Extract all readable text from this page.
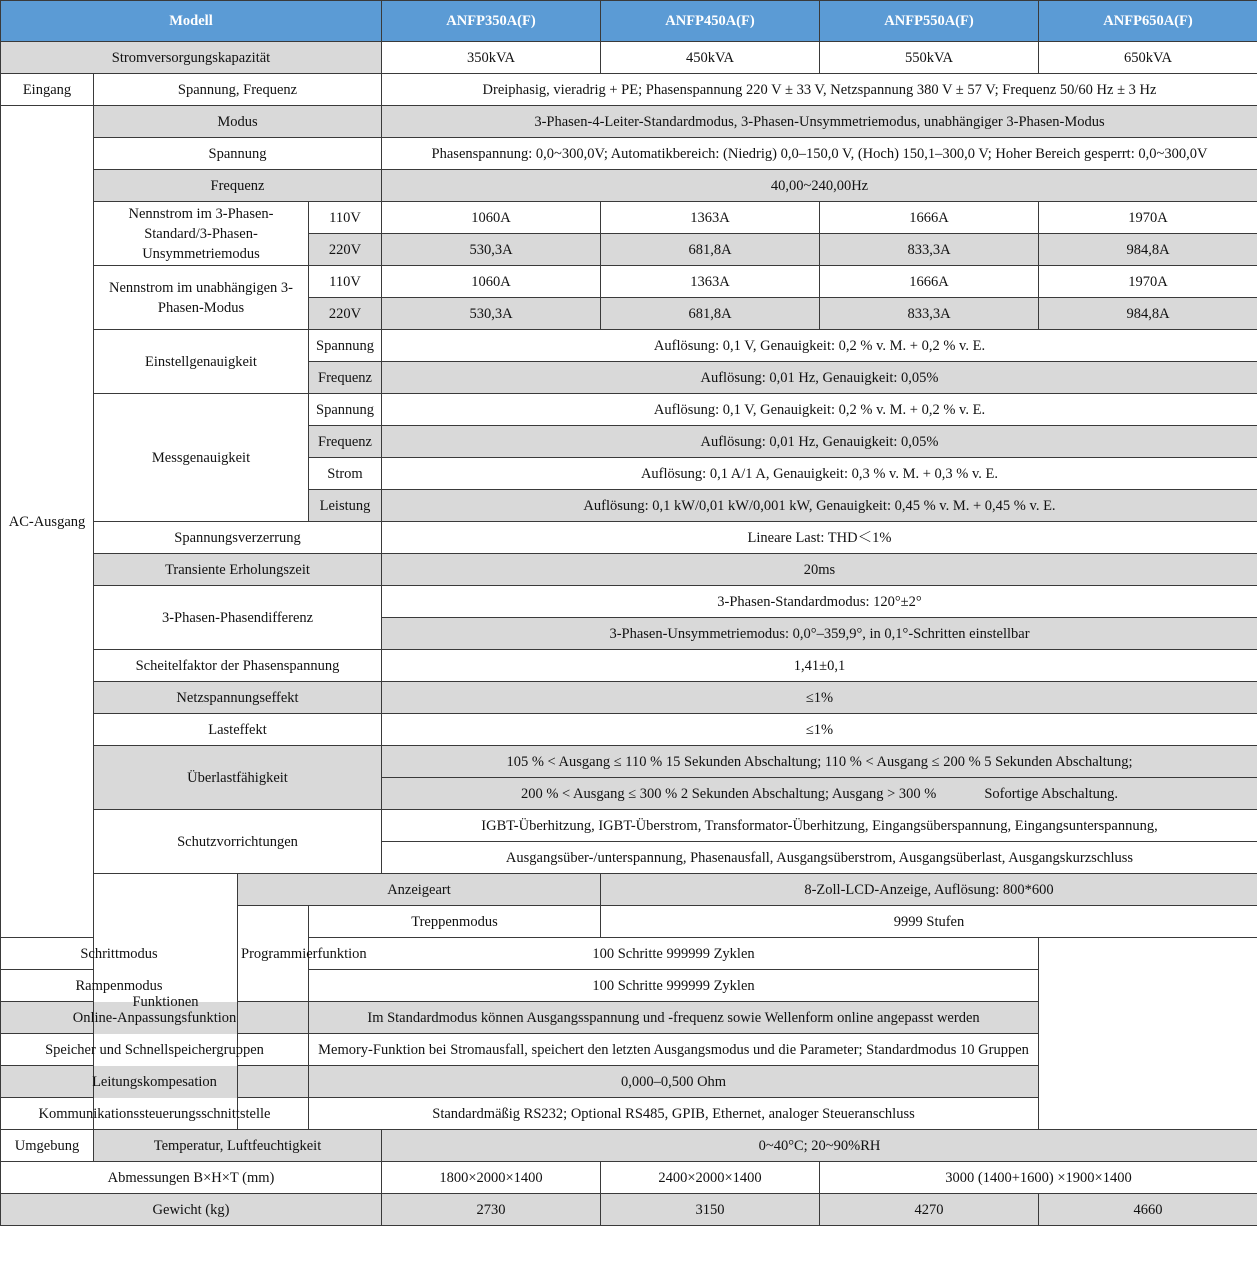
Modell				ANFP350A(F)	ANFP450A(F)	ANFP550A(F)	ANFP650A(F)
Stromversorgungskapazität				350kVA	450kVA	550kVA	650kVA
Eingang	Spannung, Frequenz			Dreiphasig, vieradrig + PE; Phasenspannung 220 V ± 33 V, Netzspannung 380 V ± 57 V; Frequenz 50/60 Hz ± 3 Hz			
AC-Ausgang	Modus			3-Phasen-4-Leiter-Standardmodus, 3-Phasen-Unsymmetriemodus, unabhängiger 3-Phasen-Modus			
	Spannung			Phasenspannung: 0,0~300,0V; Automatikbereich: (Niedrig) 0,0–150,0 V, (Hoch) 150,1–300,0 V; Hoher Bereich gesperrt: 0,0~300,0V			
	Frequenz			40,00~240,00Hz			
	Nennstrom im 3-Phasen-Standard/3-Phasen-Unsymmetriemodus		110V	1060A	1363A	1666A	1970A
			220V	530,3A	681,8A	833,3A	984,8A
	Nennstrom im unabhängigen 3-Phasen-Modus		110V	1060A	1363A	1666A	1970A
			220V	530,3A	681,8A	833,3A	984,8A
	Einstellgenauigkeit		Spannung	Auflösung: 0,1 V, Genauigkeit: 0,2 % v. M. + 0,2 % v. E.			
			Frequenz	Auflösung: 0,01 Hz, Genauigkeit: 0,05%			
	Messgenauigkeit		Spannung	Auflösung: 0,1 V, Genauigkeit: 0,2 % v. M. + 0,2 % v. E.			
			Frequenz	Auflösung: 0,01 Hz, Genauigkeit: 0,05%			
			Strom	Auflösung: 0,1 A/1 A, Genauigkeit: 0,3 % v. M. + 0,3 % v. E.			
			Leistung	Auflösung: 0,1 kW/0,01 kW/0,001 kW, Genauigkeit: 0,45 % v. M. + 0,45 % v. E.			
	Spannungsverzerrung			Lineare Last: THD＜1%			
	Transiente Erholungszeit			20ms			
	3-Phasen-Phasendifferenz			3-Phasen-Standardmodus: 120°±2°			
				3-Phasen-Unsymmetriemodus: 0,0°–359,9°, in 0,1°-Schritten einstellbar			
	Scheitelfaktor der Phasenspannung			1,41±0,1			
	Netzspannungseffekt			≤1%			
	Lasteffekt			≤1%			
	Überlastfähigkeit			105 % < Ausgang ≤ 110 % 15 Sekunden Abschaltung; 110 % < Ausgang ≤ 200 % 5 Sekunden Abschaltung;			
				200 % < Ausgang ≤ 300 % 2 Sekunden Abschaltung; Ausgang > 300 % Sofortige Abschaltung.			
	Schutzvorrichtungen			IGBT-Überhitzung, IGBT-Überstrom, Transformator-Überhitzung, Eingangsüberspannung, Eingangsunterspannung,			
				Ausgangsüber-/unterspannung, Phasenausfall, Ausgangsüberstrom, Ausgangsüberlast, Ausgangskurzschluss			
	Funktionen	Anzeigeart			8-Zoll-LCD-Anzeige, Auflösung: 800*600		
		Programmierfunktion	Treppenmodus		9999 Stufen		
Schrittmodus			100 Schritte 999999 Zyklen				
Rampenmodus			100 Schritte 999999 Zyklen				
Online-Anpassungsfunktion			Im Standardmodus können Ausgangsspannung und -frequenz sowie Wellenform online angepasst werden				
Speicher und Schnellspeichergruppen			Memory-Funktion bei Stromausfall, speichert den letzten Ausgangsmodus und die Parameter; Standardmodus 10 Gruppen				
Leitungskompesation			0,000–0,500 Ohm				
Kommunikationssteuerungsschnittstelle			Standardmäßig RS232; Optional RS485, GPIB, Ethernet, analoger Steueranschluss				
Umgebung	Temperatur, Luftfeuchtigkeit			0~40°C; 20~90%RH			
Abmessungen B×H×T (mm)				1800×2000×1400	2400×2000×1400	3000 (1400+1600) ×1900×1400	
Gewicht (kg)				2730	3150	4270	4660
